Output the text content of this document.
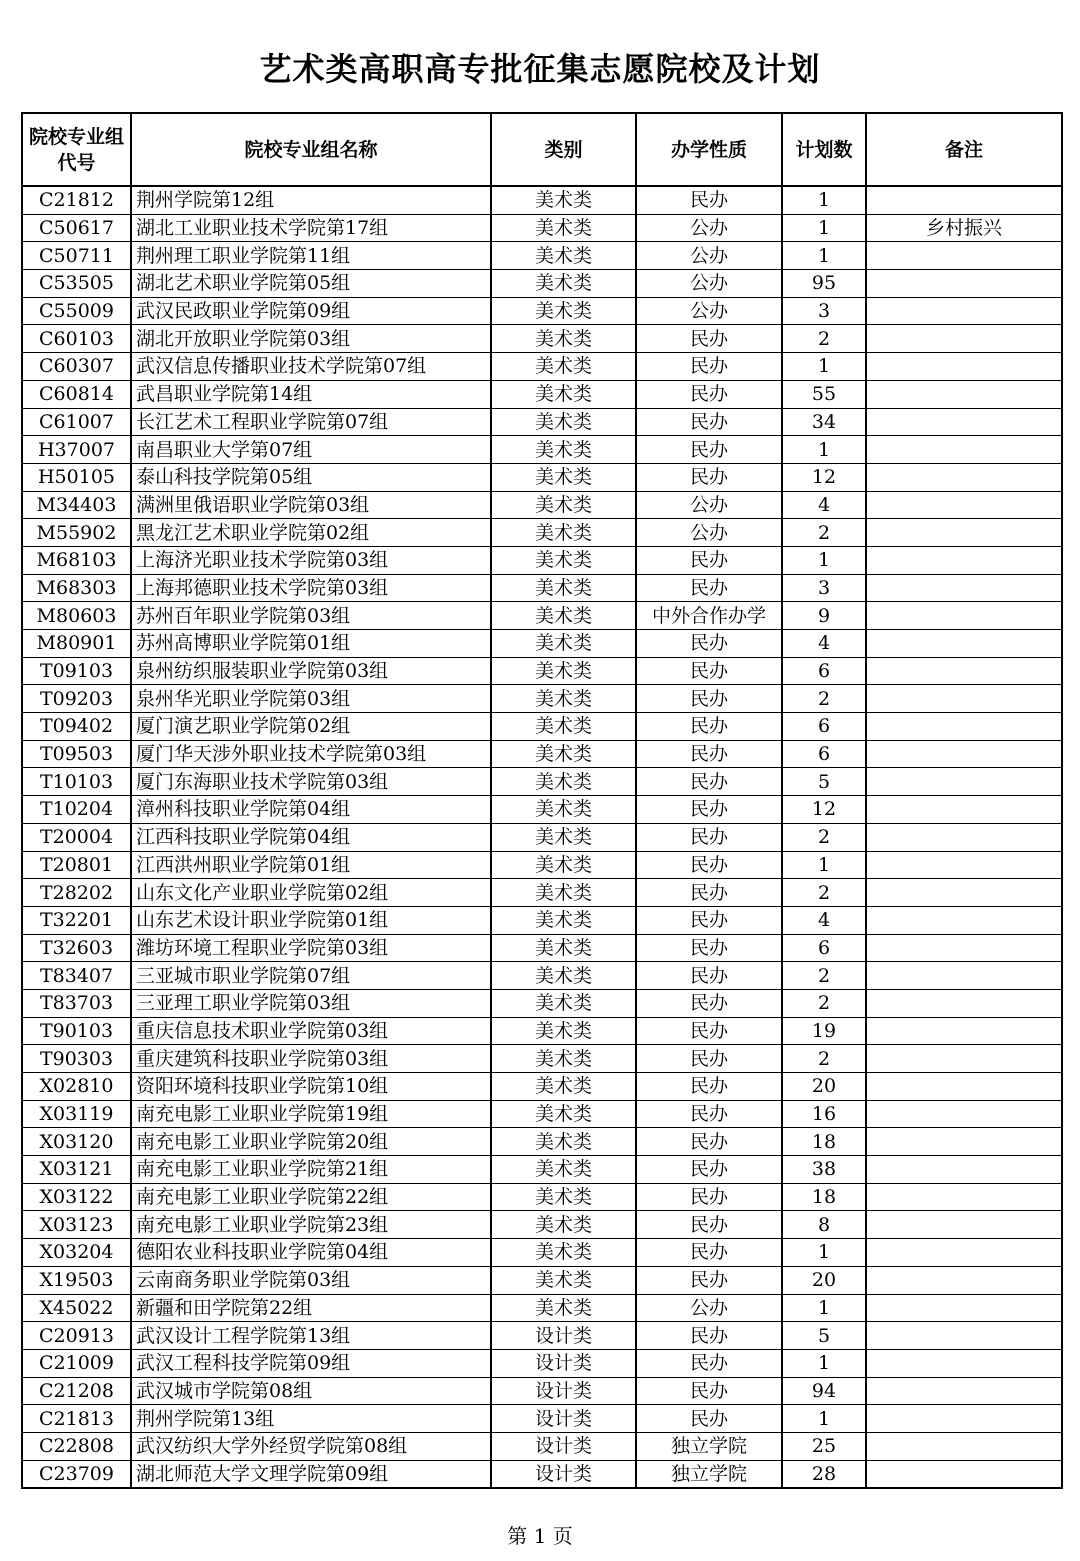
艺术类高职高专批征集志愿院校及计划
院校专业组代号	院校专业组名称	类别	办学性质	计划数	备注
C21812	荆州学院第12组	美术类	民办	1	
C50617	湖北工业职业技术学院第17组	美术类	公办	1	乡村振兴
C50711	荆州理工职业学院第11组	美术类	公办	1	
C53505	湖北艺术职业学院第05组	美术类	公办	95	
C55009	武汉民政职业学院第09组	美术类	公办	3	
C60103	湖北开放职业学院第03组	美术类	民办	2	
C60307	武汉信息传播职业技术学院第07组	美术类	民办	1	
C60814	武昌职业学院第14组	美术类	民办	55	
C61007	长江艺术工程职业学院第07组	美术类	民办	34	
H37007	南昌职业大学第07组	美术类	民办	1	
H50105	泰山科技学院第05组	美术类	民办	12	
M34403	满洲里俄语职业学院第03组	美术类	公办	4	
M55902	黑龙江艺术职业学院第02组	美术类	公办	2	
M68103	上海济光职业技术学院第03组	美术类	民办	1	
M68303	上海邦德职业技术学院第03组	美术类	民办	3	
M80603	苏州百年职业学院第03组	美术类	中外合作办学	9	
M80901	苏州高博职业学院第01组	美术类	民办	4	
T09103	泉州纺织服装职业学院第03组	美术类	民办	6	
T09203	泉州华光职业学院第03组	美术类	民办	2	
T09402	厦门演艺职业学院第02组	美术类	民办	6	
T09503	厦门华天涉外职业技术学院第03组	美术类	民办	6	
T10103	厦门东海职业技术学院第03组	美术类	民办	5	
T10204	漳州科技职业学院第04组	美术类	民办	12	
T20004	江西科技职业学院第04组	美术类	民办	2	
T20801	江西洪州职业学院第01组	美术类	民办	1	
T28202	山东文化产业职业学院第02组	美术类	民办	2	
T32201	山东艺术设计职业学院第01组	美术类	民办	4	
T32603	潍坊环境工程职业学院第03组	美术类	民办	6	
T83407	三亚城市职业学院第07组	美术类	民办	2	
T83703	三亚理工职业学院第03组	美术类	民办	2	
T90103	重庆信息技术职业学院第03组	美术类	民办	19	
T90303	重庆建筑科技职业学院第03组	美术类	民办	2	
X02810	资阳环境科技职业学院第10组	美术类	民办	20	
X03119	南充电影工业职业学院第19组	美术类	民办	16	
X03120	南充电影工业职业学院第20组	美术类	民办	18	
X03121	南充电影工业职业学院第21组	美术类	民办	38	
X03122	南充电影工业职业学院第22组	美术类	民办	18	
X03123	南充电影工业职业学院第23组	美术类	民办	8	
X03204	德阳农业科技职业学院第04组	美术类	民办	1	
X19503	云南商务职业学院第03组	美术类	民办	20	
X45022	新疆和田学院第22组	美术类	公办	1	
C20913	武汉设计工程学院第13组	设计类	民办	5	
C21009	武汉工程科技学院第09组	设计类	民办	1	
C21208	武汉城市学院第08组	设计类	民办	94	
C21813	荆州学院第13组	设计类	民办	1	
C22808	武汉纺织大学外经贸学院第08组	设计类	独立学院	25	
C23709	湖北师范大学文理学院第09组	设计类	独立学院	28	
第 1 页
